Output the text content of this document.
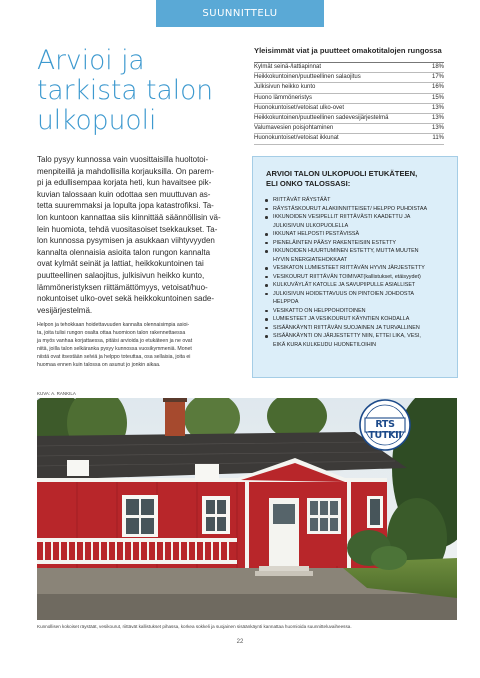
SUUNNITTELU
Arvioi ja
tarkista talon
ulkopuoli

Talo pysyy kunnossa vain vuosittaisilla huoltotoi-
menpiteillä ja mahdollisilla korjauksilla. On parem-
pi ja edullisempaa korjata heti, kun havaitsee pik-
kuvian talossaan kuin odottaa sen muuttuvan as-
tetta suuremmaksi ja lopulta jopa katastrofiksi. Ta-
lon kuntoon kannattaa siis kiinnittää säännöllisin vä-
lein huomiota, tehdä vuositasoiset tsekkaukset. Ta-
lon kunnossa pysymisen ja asukkaan viihtyvyyden
kannalta olennaisia asioita talon rungon kannalta
ovat kylmät seinät ja lattiat, heikkokuntoinen tai
puutteellinen salaojitus, julkisivun heikko kunto,
lämmöneristyksen riittämättömyys, vetoisat/huo-
nokuntoiset ulko-ovet sekä heikkokuntoinen sade-
vesijärjestelmä.

Helpon ja tehokkaan hoidettavuuden kannalta olennaisimpia asioi-
ta, joita tulisi rungon osalta ottaa huomioon talon rakennettaessa
ja myös vanhaa korjattaessa, pitäisi arvioida jo etukäteen ja ne ovat
niitä, joilla talon selkäranka pysyy kunnossa vuosikymmeniä. Monet
niistä ovat itsestään selviä ja helppo toteuttaa, osa sellaisia, joita ei
huomaa ennen kuin talossa on asunut jo jonkin aikaa.

Yleisimmät viat ja puutteet omakotitalojen rungossa
Kylmät seinä-/lattiapinnat	18%
Heikkokuntoinen/puutteellinen salaojitus	17%
Julkisivun heikko kunto	16%
Huono lämmöneristys	15%
Huonokuntoiset/vetoisat ulko-ovet	13%
Heikkokuntoinen/puutteellinen sadevesijärjestelmä	13%
Valumavesien poisjohtaminen	13%
Huonokuntoiset/vetoisat ikkunat	11%
ARVIOI TALON ULKOPUOLI ETUKÄTEEN,
ELI ONKO TALOSSASI:
RIITTÄVÄT RÄYSTÄÄT
RÄYSTÄSKOURUT ALAKIINNITTEISET/ HELPPO PUHDISTAA
IKKUNOIDEN VESIPELLIT RIITTÄVÄSTI KAADETTU JA
JULKISIVUN ULKOPUOLELLA
IKKUNAT HELPOSTI PESTÄVISSÄ
PIENELÄINTEN PÄÄSY RAKENTEISIIN ESTETTY
IKKUNOIDEN HUURTUMINEN ESTETTY, MUTTA MUUTEN
HYVIN ENERGIATEHOKKAAT
VESIKATON LUMIESTEET RIITTÄVÄN HYVIN JÄRJESTETTY
VESIKOURUT RIITTÄVÄN TOIMIVAT(kallistukset, etäisyydet)
KULKUVÄYLÄT KATOLLE JA SAVUPIIPULLE ASIALLISET
JULKISIVUN HOIDETTAVUUS ON PINTOIEN JOHDOSTA
HELPPOA
VESIKATTO ON HELPPOHOITOINEN
LUMIESTEET JA VESIKOURUT KÄYNTIEN KOHDALLA
SISÄÄNKÄYNTI RIITTÄVÄN SUOJAINEN JA TURVALLINEN
SISÄÄNKÄYNTI ON JÄRJESTETTY NIIN, ETTEI LIKA, VESI,
EIKÄ KURA KULKEUDU HUONETILOIHIN
KUVA: A. RANKILA
RTS TUTKII
Kunnollisen kokoiset räystäät, vesikourut, riittävät kallistukset pihassa, korkea sokkeli ja suojainen sisäänkäynti kannattaa huomioida suunnitteluvaiheessa.
22
